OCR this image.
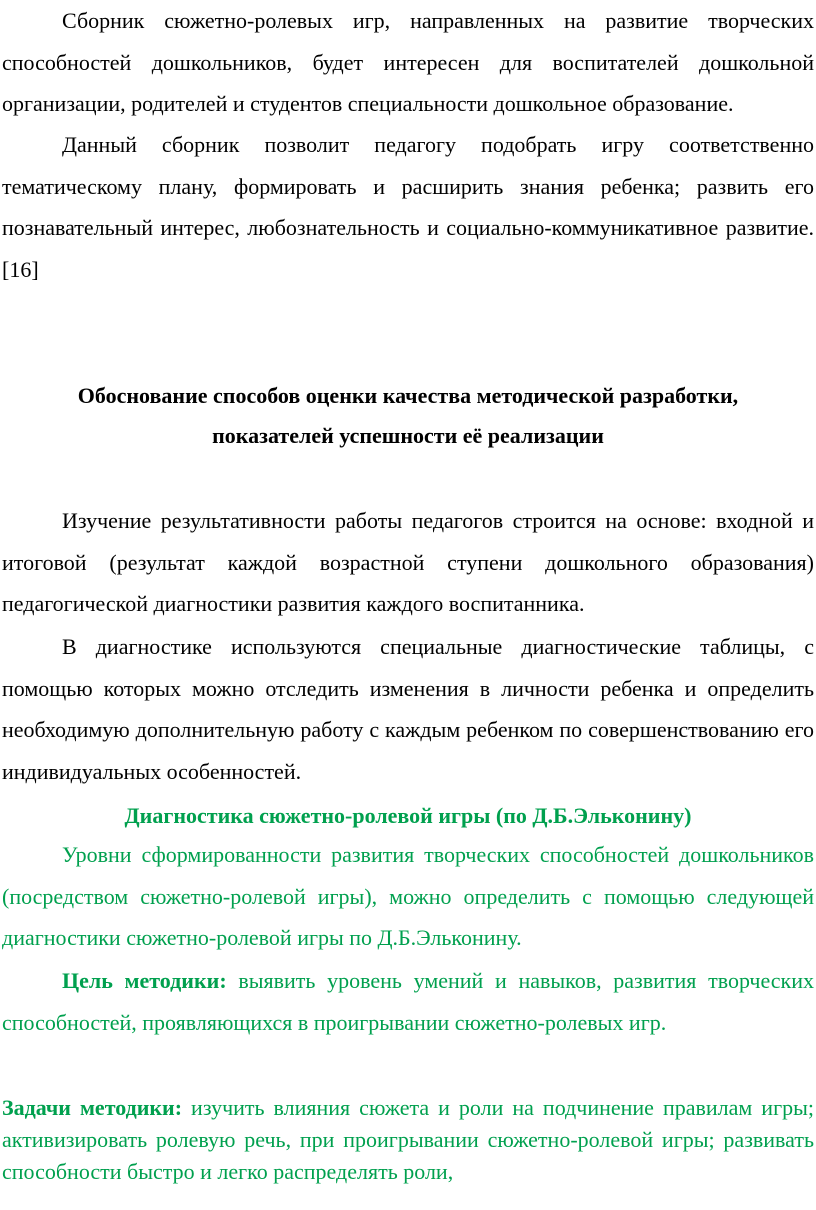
Сборник сюжетно-ролевых игр, направленных на развитие творческих способностей дошкольников, будет интересен для воспитателей дошкольной организации, родителей и студентов специальности дошкольное образование.

Данный сборник позволит педагогу подобрать игру соответственно тематическому плану, формировать и расширить знания ребенка; развить его познавательный интерес, любознательность и социально-коммуникативное развитие. [16]

Обоснование способов оценки качества методической разработки,

показателей успешности её реализации

Изучение результативности работы педагогов строится на основе: входной и итоговой (результат каждой возрастной ступени дошкольного образования) педагогической диагностики развития каждого воспитанника.

В диагностике используются специальные диагностические таблицы, с помощью которых можно отследить изменения в личности ребенка и определить необходимую дополнительную работу с каждым ребенком по совершенствованию его индивидуальных особенностей.

Диагностика сюжетно-ролевой игры (по Д.Б.Эльконину)

Уровни сформированности развития творческих способностей дошкольников (посредством сюжетно-ролевой игры), можно определить с помощью следующей диагностики сюжетно-ролевой игры по Д.Б.Эльконину.

Цель методики: выявить уровень умений и навыков, развития творческих способностей, проявляющихся в проигрывании сюжетно-ролевых игр.

Задачи методики: изучить влияния сюжета и роли на подчинение правилам игры; активизировать ролевую речь, при проигрывании сюжетно-ролевой игры; развивать способности быстро и легко распределять роли,
